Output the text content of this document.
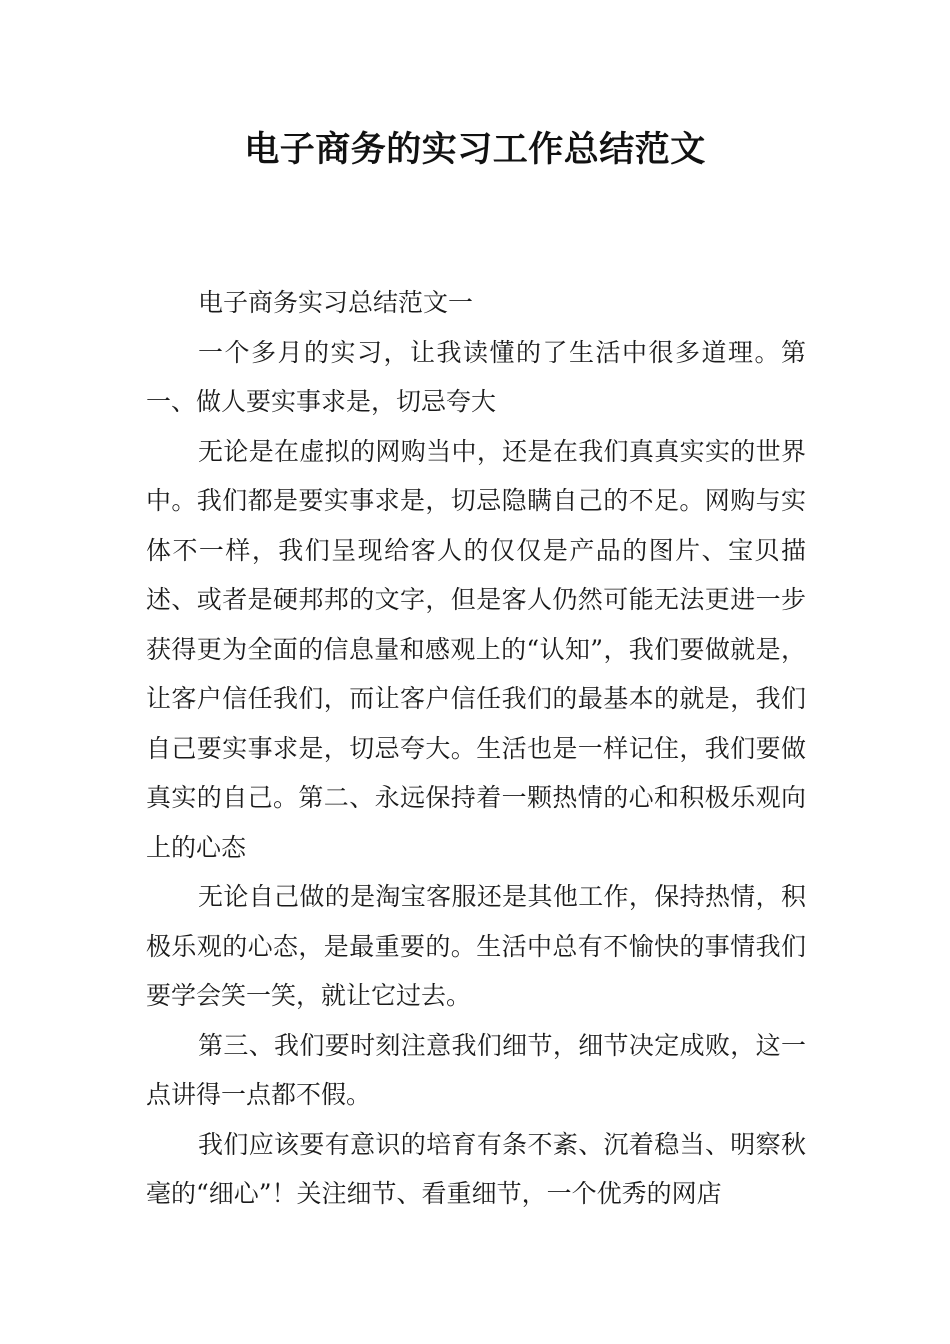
电子商务的实习工作总结范文

电子商务实习总结范文一

一个多月的实习，让我读懂的了生活中很多道理。第一、做人要实事求是，切忌夸大

无论是在虚拟的网购当中，还是在我们真真实实的世界中。我们都是要实事求是，切忌隐瞒自己的不足。网购与实体不一样，我们呈现给客人的仅仅是产品的图片、宝贝描述、或者是硬邦邦的文字，但是客人仍然可能无法更进一步获得更为全面的信息量和感观上的“认知”，我们要做就是，让客户信任我们，而让客户信任我们的最基本的就是，我们自己要实事求是，切忌夸大。生活也是一样记住，我们要做真实的自己。第二、永远保持着一颗热情的心和积极乐观向上的心态

无论自己做的是淘宝客服还是其他工作，保持热情，积极乐观的心态，是最重要的。生活中总有不愉快的事情我们要学会笑一笑，就让它过去。

第三、我们要时刻注意我们细节，细节决定成败，这一点讲得一点都不假。

我们应该要有意识的培育有条不紊、沉着稳当、明察秋毫的“细心”！关注细节、看重细节，一个优秀的网店
